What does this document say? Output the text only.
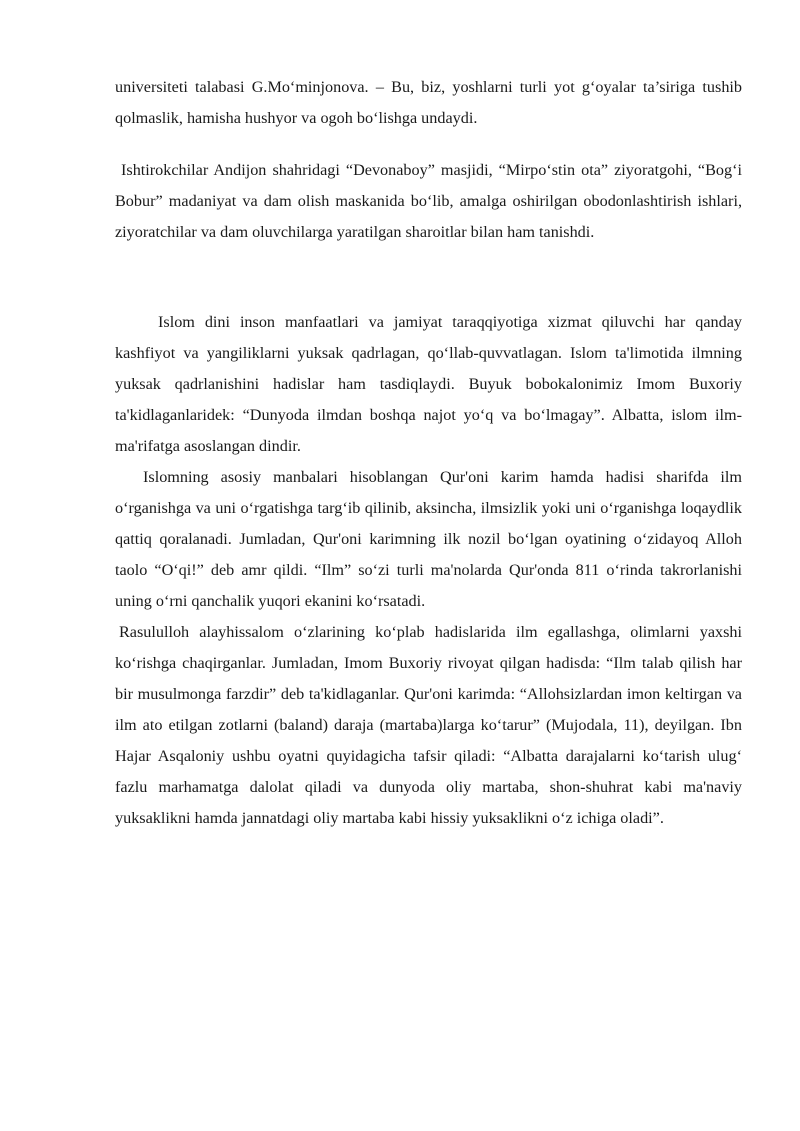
universiteti talabasi G.Mo‘minjonova. – Bu, biz, yoshlarni turli yot g‘oyalar ta’siriga tushib qolmaslik, hamisha hushyor va ogoh bo‘lishga undaydi.

Ishtirokchilar Andijon shahridagi “Devonaboy” masjidi, “Mirpo‘stin ota” ziyoratgohi, “Bog‘i Bobur” madaniyat va dam olish maskanida bo‘lib, amalga oshirilgan obodonlashtirish ishlari, ziyoratchilar va dam oluvchilarga yaratilgan sharoitlar bilan ham tanishdi.

Islom dini inson manfaatlari va jamiyat taraqqiyotiga xizmat qiluvchi har qanday kashfiyot va yangiliklarni yuksak qadrlagan, qo‘llab-quvvatlagan. Islom ta'limotida ilmning yuksak qadrlanishini hadislar ham tasdiqlaydi. Buyuk bobokalonimiz Imom Buxoriy ta'kidlaganlaridek: “Dunyoda ilmdan boshqa najot yo‘q va bo‘lmagay”. Albatta, islom ilm-ma'rifatga asoslangan dindir.

Islomning asosiy manbalari hisoblangan Qur'oni karim hamda hadisi sharifda ilm o‘rganishga va uni o‘rgatishga targ‘ib qilinib, aksincha, ilmsizlik yoki uni o‘rganishga loqaydlik qattiq qoralanadi. Jumladan, Qur'oni karimning ilk nozil bo‘lgan oyatining o‘zidayoq Alloh taolo “O‘qi!” deb amr qildi. “Ilm” so‘zi turli ma'nolarda Qur'onda 811 o‘rinda takrorlanishi uning o‘rni qanchalik yuqori ekanini ko‘rsatadi.

Rasululloh alayhissalom o‘zlarining ko‘plab hadislarida ilm egallashga, olimlarni yaxshi ko‘rishga chaqirganlar. Jumladan, Imom Buxoriy rivoyat qilgan hadisda: “Ilm talab qilish har bir musulmonga farzdir” deb ta'kidlaganlar. Qur'oni karimda: “Allohsizlardan imon keltirgan va ilm ato etilgan zotlarni (baland) daraja (martaba)larga ko‘tarur” (Mujodala, 11), deyilgan. Ibn Hajar Asqaloniy ushbu oyatni quyidagicha tafsir qiladi: “Albatta darajalarni ko‘tarish ulug‘ fazlu marhamatga dalolat qiladi va dunyoda oliy martaba, shon-shuhrat kabi ma'naviy yuksaklikni hamda jannatdagi oliy martaba kabi hissiy yuksaklikni o‘z ichiga oladi”.
